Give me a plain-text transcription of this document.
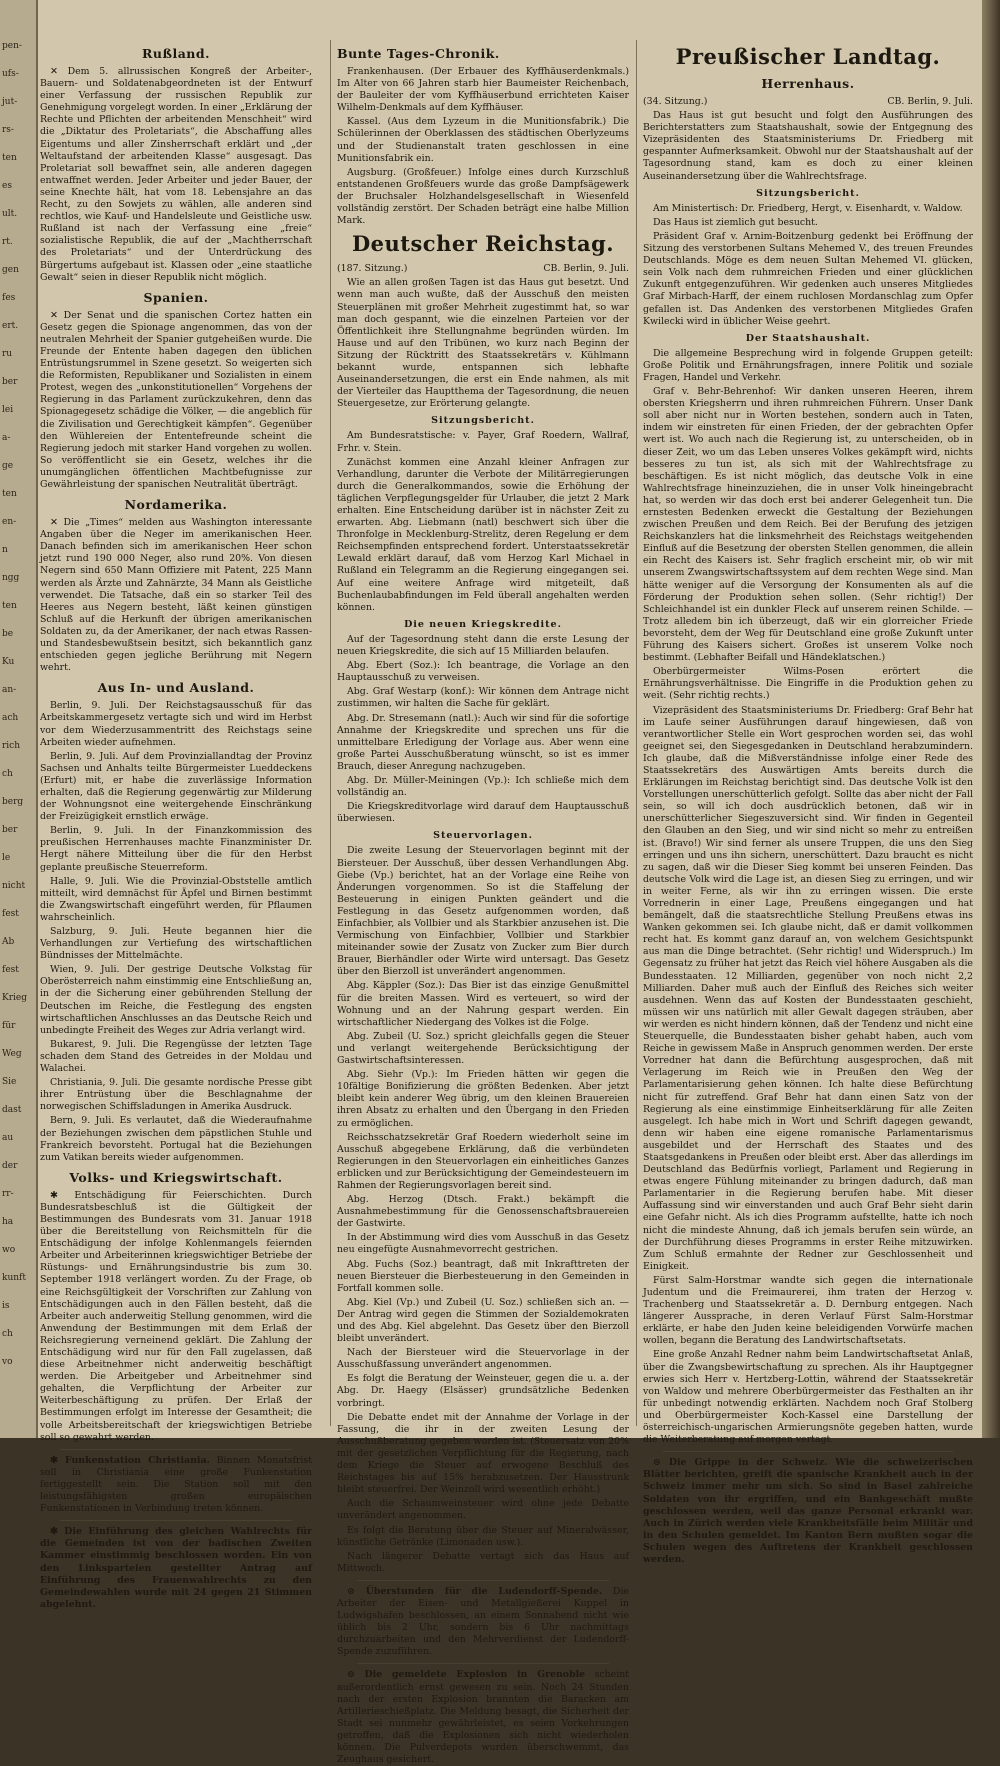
pen-
ufs-
jut-
rs-
ten
es
ult.
rt.
gen
fes
ert.
ru
ber
lei
a-
ge
ten
en-
n
ngg
ten
be
Ku
an-
ach
rich
ch
berg
ber
le
nicht
fest
Ab
fest
Krieg
für
Weg
Sie
dast
au
der
rr-
ha
wo
kunft
is
ch
vo
Rußland.

✕ Dem 5. allrussischen Kongreß der Arbeiter-, Bauern- und Soldatenabgeordneten ist der Entwurf einer Verfassung der russischen Republik zur Genehmigung vorgelegt worden. In einer „Erklärung der Rechte und Pflichten der arbeitenden Menschheit“ wird die „Diktatur des Proletariats“, die Abschaffung alles Eigentums und aller Zinsherrschaft erklärt und „der Weltaufstand der arbeitenden Klasse“ ausgesagt. Das Proletariat soll bewaffnet sein, alle anderen dagegen entwaffnet werden. Jeder Arbeiter und jeder Bauer, der seine Knechte hält, hat vom 18. Lebensjahre an das Recht, zu den Sowjets zu wählen, alle anderen sind rechtlos, wie Kauf- und Handelsleute und Geistliche usw. Rußland ist nach der Verfassung eine „freie“ sozialistische Republik, die auf der „Machtherrschaft des Proletariats“ und der Unterdrückung des Bürgertums aufgebaut ist. Klassen oder „eine staatliche Gewalt“ seien in dieser Republik nicht möglich.

Spanien.

✕ Der Senat und die spanischen Cortez hatten ein Gesetz gegen die Spionage angenommen, das von der neutralen Mehrheit der Spanier gutgeheißen wurde. Die Freunde der Entente haben dagegen den üblichen Entrüstungsrummel in Szene gesetzt. So weigerten sich die Reformisten, Republikaner und Sozialisten in einem Protest, wegen des „unkonstitutionellen“ Vorgehens der Regierung in das Parlament zurückzukehren, denn das Spionagegesetz schädige die Völker, — die angeblich für die Zivilisation und Gerechtigkeit kämpfen“. Gegenüber den Wühlereien der Ententefreunde scheint die Regierung jedoch mit starker Hand vorgehen zu wollen. So veröffentlicht sie ein Gesetz, welches ihr die unumgänglichen öffentlichen Machtbefugnisse zur Gewährleistung der spanischen Neutralität überträgt.

Nordamerika.

✕ Die „Times“ melden aus Washington interessante Angaben über die Neger im amerikanischen Heer. Danach befinden sich im amerikanischen Heer schon jetzt rund 190 000 Neger, also rund 20%. Von diesen Negern sind 650 Mann Offiziere mit Patent, 225 Mann werden als Ärzte und Zahnärzte, 34 Mann als Geistliche verwendet. Die Tatsache, daß ein so starker Teil des Heeres aus Negern besteht, läßt keinen günstigen Schluß auf die Herkunft der übrigen amerikanischen Soldaten zu, da der Amerikaner, der nach etwas Rassen- und Standesbewußtsein besitzt, sich bekanntlich ganz entschieden gegen jegliche Berührung mit Negern wehrt.

Aus In- und Ausland.

Berlin, 9. Juli. Der Reichstagsausschuß für das Arbeitskammergesetz vertagte sich und wird im Herbst vor dem Wiederzusammentritt des Reichstags seine Arbeiten wieder aufnehmen.

Berlin, 9. Juli. Auf dem Provinziallandtag der Provinz Sachsen und Anhalts teilte Bürgermeister Lueddeckens (Erfurt) mit, er habe die zuverlässige Information erhalten, daß die Regierung gegenwärtig zur Milderung der Wohnungsnot eine weitergehende Einschränkung der Freizügigkeit ernstlich erwäge.

Berlin, 9. Juli. In der Finanzkommission des preußischen Herrenhauses machte Finanzminister Dr. Hergt nähere Mitteilung über die für den Herbst geplante preußische Steuerreform.

Halle, 9. Juli. Wie die Provinzial-Obststelle amtlich mitteilt, wird demnächst für Äpfel und Birnen bestimmt die Zwangswirtschaft eingeführt werden, für Pflaumen wahrscheinlich.

Salzburg, 9. Juli. Heute begannen hier die Verhandlungen zur Vertiefung des wirtschaftlichen Bündnisses der Mittelmächte.

Wien, 9. Juli. Der gestrige Deutsche Volkstag für Oberösterreich nahm einstimmig eine Entschließung an, in der die Sicherung einer gebührenden Stellung der Deutschen im Reiche, die Festlegung des engsten wirtschaftlichen Anschlusses an das Deutsche Reich und unbedingte Freiheit des Weges zur Adria verlangt wird.

Bukarest, 9. Juli. Die Regengüsse der letzten Tage schaden dem Stand des Getreides in der Moldau und Walachei.

Christiania, 9. Juli. Die gesamte nordische Presse gibt ihrer Entrüstung über die Beschlagnahme der norwegischen Schiffsladungen in Amerika Ausdruck.

Bern, 9. Juli. Es verlautet, daß die Wiederaufnahme der Beziehungen zwischen dem päpstlichen Stuhle und Frankreich bevorsteht. Portugal hat die Beziehungen zum Vatikan bereits wieder aufgenommen.

Volks- und Kriegswirtschaft.

✱ Entschädigung für Feierschichten. Durch Bundesratsbeschluß ist die Gültigkeit der Bestimmungen des Bundesrats vom 31. Januar 1918 über die Bereitstellung von Reichsmitteln für die Entschädigung der infolge Kohlenmangels feiernden Arbeiter und Arbeiterinnen kriegswichtiger Betriebe der Rüstungs- und Ernährungsindustrie bis zum 30. September 1918 verlängert worden. Zu der Frage, ob eine Reichsgültigkeit der Vorschriften zur Zahlung von Entschädigungen auch in den Fällen besteht, daß die Arbeiter auch anderweitig Stellung genommen, wird die Anwendung der Bestimmungen mit dem Erlaß der Reichsregierung verneinend geklärt. Die Zahlung der Entschädigung wird nur für den Fall zugelassen, daß diese Arbeitnehmer nicht anderweitig beschäftigt werden. Die Arbeitgeber und Arbeitnehmer sind gehalten, die Verpflichtung der Arbeiter zur Weiterbeschäftigung zu prüfen. Der Erlaß der Bestimmungen erfolgt im Interesse der Gesamtheit; die volle Arbeitsbereitschaft der kriegswichtigen Betriebe soll so gewahrt werden.

✱ Funkenstation Christiania. Binnen Monatsfrist soll in Christiania eine große Funkenstation fertiggestellt sein. Die Station soll mit den leistungsfähigsten großen europäischen Funkenstationen in Verbindung treten können.

✱ Die Einführung des gleichen Wahlrechts für die Gemeinden ist von der badischen Zweiten Kammer einstimmig beschlossen worden. Ein von den Linksparteien gestellter Antrag auf Einführung des Frauenwahlrechts zu den Gemeindewahlen wurde mit 24 gegen 21 Stimmen abgelehnt.

Bunte Tages-Chronik.

Frankenhausen. (Der Erbauer des Kyffhäuserdenkmals.) Im Alter von 66 Jahren starb hier Baumeister Reichenbach, der Bauleiter der vom Kyffhäuserbund errichteten Kaiser Wilhelm-Denkmals auf dem Kyffhäuser.

Kassel. (Aus dem Lyzeum in die Munitionsfabrik.) Die Schülerinnen der Oberklassen des städtischen Oberlyzeums und der Studienanstalt traten geschlossen in eine Munitionsfabrik ein.

Augsburg. (Großfeuer.) Infolge eines durch Kurzschluß entstandenen Großfeuers wurde das große Dampfsägewerk der Bruchsaler Holzhandelsgesellschaft in Wiesenfeld vollständig zerstört. Der Schaden beträgt eine halbe Million Mark.

Deutscher Reichstag.
(187. Sitzung.)	CB. Berlin, 9. Juli.

Wie an allen großen Tagen ist das Haus gut besetzt. Und wenn man auch wußte, daß der Ausschuß den meisten Steuerplänen mit großer Mehrheit zugestimmt hat, so war man doch gespannt, wie die einzelnen Parteien vor der Öffentlichkeit ihre Stellungnahme begründen würden. Im Hause und auf den Tribünen, wo kurz nach Beginn der Sitzung der Rücktritt des Staatssekretärs v. Kühlmann bekannt wurde, entspannen sich lebhafte Auseinandersetzungen, die erst ein Ende nahmen, als mit der Vierteiler das Hauptthema der Tagesordnung, die neuen Steuergesetze, zur Erörterung gelangte.

Sitzungsbericht.

Am Bundesratstische: v. Payer, Graf Roedern, Wallraf, Frhr. v. Stein.

Zunächst kommen eine Anzahl kleiner Anfragen zur Verhandlung, darunter die Verbote der Militärregierungen durch die Generalkommandos, sowie die Erhöhung der täglichen Verpflegungsgelder für Urlauber, die jetzt 2 Mark erhalten. Eine Entscheidung darüber ist in nächster Zeit zu erwarten. Abg. Liebmann (natl) beschwert sich über die Thronfolge in Mecklenburg-Strelitz, deren Regelung er dem Reichsempfinden entsprechend fordert. Unterstaatssekretär Lewald erklärt darauf, daß vom Herzog Karl Michael in Rußland ein Telegramm an die Regierung eingegangen sei. Auf eine weitere Anfrage wird mitgeteilt, daß Buchenlaubabfindungen im Feld überall angehalten werden können.

Die neuen Kriegskredite.

Auf der Tagesordnung steht dann die erste Lesung der neuen Kriegskredite, die sich auf 15 Milliarden belaufen.

Abg. Ebert (Soz.): Ich beantrage, die Vorlage an den Hauptausschuß zu verweisen.

Abg. Graf Westarp (konf.): Wir können dem Antrage nicht zustimmen, wir halten die Sache für geklärt.

Abg. Dr. Stresemann (natl.): Auch wir sind für die sofortige Annahme der Kriegskredite und sprechen uns für die unmittelbare Erledigung der Vorlage aus. Aber wenn eine große Partei Ausschußberatung wünscht, so ist es immer Brauch, dieser Anregung nachzugeben.

Abg. Dr. Müller-Meiningen (Vp.): Ich schließe mich dem vollständig an.

Die Kriegskreditvorlage wird darauf dem Hauptausschuß überwiesen.

Steuervorlagen.

Die zweite Lesung der Steuervorlagen beginnt mit der Biersteuer. Der Ausschuß, über dessen Verhandlungen Abg. Giebe (Vp.) berichtet, hat an der Vorlage eine Reihe von Änderungen vorgenommen. So ist die Staffelung der Besteuerung in einigen Punkten geändert und die Festlegung in das Gesetz aufgenommen worden, daß Einfachbier, als Vollbier und als Starkbier anzusehen ist. Die Vermischung von Einfachbier, Vollbier und Starkbier miteinander sowie der Zusatz von Zucker zum Bier durch Brauer, Bierhändler oder Wirte wird untersagt. Das Gesetz über den Bierzoll ist unverändert angenommen.

Abg. Käppler (Soz.): Das Bier ist das einzige Genußmittel für die breiten Massen. Wird es verteuert, so wird der Wohnung und an der Nahrung gespart werden. Ein wirtschaftlicher Niedergang des Volkes ist die Folge.

Abg. Zubeil (U. Soz.) spricht gleichfalls gegen die Steuer und verlangt weitergehende Berücksichtigung der Gastwirtschaftsinteressen.

Abg. Siehr (Vp.): Im Frieden hätten wir gegen die 10fältige Bonifizierung die größten Bedenken. Aber jetzt bleibt kein anderer Weg übrig, um den kleinen Brauereien ihren Absatz zu erhalten und den Übergang in den Frieden zu ermöglichen.

Reichsschatzsekretär Graf Roedern wiederholt seine im Ausschuß abgegebene Erklärung, daß die verbündeten Regierungen in den Steuervorlagen ein einheitliches Ganzes erblicken und zur Berücksichtigung der Gemeindesteuern im Rahmen der Regierungsvorlagen bereit sind.

Abg. Herzog (Dtsch. Frakt.) bekämpft die Ausnahmebestimmung für die Genossenschaftsbrauereien der Gastwirte.

In der Abstimmung wird dies vom Ausschuß in das Gesetz neu eingefügte Ausnahmevorrecht gestrichen.

Abg. Fuchs (Soz.) beantragt, daß mit Inkrafttreten der neuen Biersteuer die Bierbesteuerung in den Gemeinden in Fortfall kommen solle.

Abg. Kiel (Vp.) und Zubeil (U. Soz.) schließen sich an. — Der Antrag wird gegen die Stimmen der Sozialdemokraten und des Abg. Kiel abgelehnt. Das Gesetz über den Bierzoll bleibt unverändert.

Nach der Biersteuer wird die Steuervorlage in der Ausschußfassung unverändert angenommen.

Es folgt die Beratung der Weinsteuer, gegen die u. a. der Abg. Dr. Haegy (Elsässer) grundsätzliche Bedenken vorbringt.

Die Debatte endet mit der Annahme der Vorlage in der Fassung, die ihr in der zweiten Lesung der Ausschußberatung gegeben worden ist. (Steuersatz von 20% mit der gesetzlichen Verpflichtung für die Regierung, nach dem Kriege die Steuer auf erwogene Beschluß des Reichstages bis auf 15% herabzusetzen. Der Hausstrunk bleibt steuerfrei. Der Weinzoll wird wesentlich erhöht.)

Auch die Schaumweinsteuer wird ohne jede Debatte unverändert angenommen.

Es folgt die Beratung über die Steuer auf Mineralwässer, künstliche Getränke (Limonaden usw.).

Nach längerer Debatte vertagt sich das Haus auf Mittwoch.

⊙ Überstunden für die Ludendorff-Spende. Die Arbeiter der Eisen- und Metallgießerei Kuppel in Ludwigshafen beschlossen, an einem Sonnabend nicht wie üblich bis 2 Uhr, sondern bis 6 Uhr nachmittags durchzuarbeiten und den Mehrverdienst der Ludendorff-Spende zuzuführen.

⊙ Die gemeldete Explosion in Grenoble scheint außerordentlich ernst gewesen zu sein. Noch 24 Stunden nach der ersten Explosion brannten die Baracken am Artillerieschießplatz. Die Meldung besagt, die Sicherheit der Stadt sei nunmehr gewährleistet, es seien Vorkehrungen getroffen, daß die Explosionen sich nicht wiederholen können. Die Pulverdepots wurden überschwemmt, das Zeughaus gesichert.

Preußischer Landtag.
Herrenhaus.
(34. Sitzung.)	CB. Berlin, 9. Juli.

Das Haus ist gut besucht und folgt den Ausführungen des Berichterstatters zum Staatshaushalt, sowie der Entgegnung des Vizepräsidenten des Staatsministeriums Dr. Friedberg mit gespannter Aufmerksamkeit. Obwohl nur der Staatshaushalt auf der Tagesordnung stand, kam es doch zu einer kleinen Auseinandersetzung über die Wahlrechtsfrage.

Sitzungsbericht.

Am Ministertisch: Dr. Friedberg, Hergt, v. Eisenhardt, v. Waldow.

Das Haus ist ziemlich gut besucht.

Präsident Graf v. Arnim-Boitzenburg gedenkt bei Eröffnung der Sitzung des verstorbenen Sultans Mehemed V., des treuen Freundes Deutschlands. Möge es dem neuen Sultan Mehemed VI. glücken, sein Volk nach dem ruhmreichen Frieden und einer glücklichen Zukunft entgegenzuführen. Wir gedenken auch unseres Mitgliedes Graf Mirbach-Harff, der einem ruchlosen Mordanschlag zum Opfer gefallen ist. Das Andenken des verstorbenen Mitgliedes Grafen Kwilecki wird in üblicher Weise geehrt.

Der Staatshaushalt.

Die allgemeine Besprechung wird in folgende Gruppen geteilt: Große Politik und Ernährungsfragen, innere Politik und soziale Fragen, Handel und Verkehr.

Graf v. Behr-Behrenhof: Wir danken unseren Heeren, ihrem obersten Kriegsherrn und ihren ruhmreichen Führern. Unser Dank soll aber nicht nur in Worten bestehen, sondern auch in Taten, indem wir einstreten für einen Frieden, der der gebrachten Opfer wert ist. Wo auch nach die Regierung ist, zu unterscheiden, ob in dieser Zeit, wo um das Leben unseres Volkes gekämpft wird, nichts besseres zu tun ist, als sich mit der Wahlrechtsfrage zu beschäftigen. Es ist nicht möglich, das deutsche Volk in eine Wahlrechtsfrage hineinzuziehen, die in unser Volk hineingebracht hat, so werden wir das doch erst bei anderer Gelegenheit tun. Die ernstesten Bedenken erweckt die Gestaltung der Beziehungen zwischen Preußen und dem Reich. Bei der Berufung des jetzigen Reichskanzlers hat die linksmehrheit des Reichstags weitgehenden Einfluß auf die Besetzung der obersten Stellen genommen, die allein ein Recht des Kaisers ist. Sehr fraglich erscheint mir, ob wir mit unserem Zwangswirtschaftssystem auf dem rechten Wege sind. Man hätte weniger auf die Versorgung der Konsumenten als auf die Förderung der Produktion sehen sollen. (Sehr richtig!) Der Schleichhandel ist ein dunkler Fleck auf unserem reinen Schilde. — Trotz alledem bin ich überzeugt, daß wir ein glorreicher Friede bevorsteht, dem der Weg für Deutschland eine große Zukunft unter Führung des Kaisers sichert. Großes ist unserem Volke noch bestimmt. (Lebhafter Beifall und Händeklatschen.)

Oberbürgermeister Wilms-Posen erörtert die Ernährungsverhältnisse. Die Eingriffe in die Produktion gehen zu weit. (Sehr richtig rechts.)

Vizepräsident des Staatsministeriums Dr. Friedberg: Graf Behr hat im Laufe seiner Ausführungen darauf hingewiesen, daß von verantwortlicher Stelle ein Wort gesprochen worden sei, das wohl geeignet sei, den Siegesgedanken in Deutschland herabzumindern. Ich glaube, daß die Mißverständnisse infolge einer Rede des Staatssekretärs des Auswärtigen Amts bereits durch die Erklärungen im Reichstag berichtigt sind. Das deutsche Volk ist den Vorstellungen unerschütterlich gefolgt. Sollte das aber nicht der Fall sein, so will ich doch ausdrücklich betonen, daß wir in unerschütterlicher Siegeszuversicht sind. Wir finden in Gegenteil den Glauben an den Sieg, und wir sind nicht so mehr zu entreißen ist. (Bravo!) Wir sind ferner als unsere Truppen, die uns den Sieg erringen und uns ihn sichern, unerschüttert. Dazu braucht es nicht zu sagen, daß wir die Dieser Sieg kommt bei unseren Feinden. Das deutsche Volk wird die Lage ist, an diesen Sieg zu erringen, und wir in weiter Ferne, als wir ihn zu erringen wissen. Die erste Vorrednerin in einer Lage, Preußens eingegangen und hat bemängelt, daß die staatsrechtliche Stellung Preußens etwas ins Wanken gekommen sei. Ich glaube nicht, daß er damit vollkommen recht hat. Es kommt ganz darauf an, von welchem Gesichtspunkt aus man die Dinge betrachtet. (Sehr richtig! und Widerspruch.) Im Gegensatz zu früher hat jetzt das Reich viel höhere Ausgaben als die Bundesstaaten. 12 Milliarden, gegenüber von noch nicht 2,2 Milliarden. Daher muß auch der Einfluß des Reiches sich weiter ausdehnen. Wenn das auf Kosten der Bundesstaaten geschieht, müssen wir uns natürlich mit aller Gewalt dagegen sträuben, aber wir werden es nicht hindern können, daß der Tendenz und nicht eine Steuerquelle, die Bundesstaaten bisher gehabt haben, auch vom Reiche in gewissem Maße in Anspruch genommen werden. Der erste Vorredner hat dann die Befürchtung ausgesprochen, daß mit Verlagerung im Reich wie in Preußen den Weg der Parlamentarisierung gehen können. Ich halte diese Befürchtung nicht für zutreffend. Graf Behr hat dann einen Satz von der Regierung als eine einstimmige Einheitserklärung für alle Zeiten ausgelegt. Ich habe mich in Wort und Schrift dagegen gewandt, denn wir haben eine eigene romanische Parlamentarismus ausgebildet und der Herrschaft des Staates und des Staatsgedankens in Preußen oder bleibt erst. Aber das allerdings im Deutschland das Bedürfnis vorliegt, Parlament und Regierung in etwas engere Fühlung miteinander zu bringen dadurch, daß man Parlamentarier in die Regierung berufen habe. Mit dieser Auffassung sind wir einverstanden und auch Graf Behr sieht darin eine Gefahr nicht. Als ich dies Programm aufstellte, hatte ich noch nicht die mindeste Ahnung, daß ich jemals berufen sein würde, an der Durchführung dieses Programms in erster Reihe mitzuwirken. Zum Schluß ermahnte der Redner zur Geschlossenheit und Einigkeit.

Fürst Salm-Horstmar wandte sich gegen die internationale Judentum und die Freimaurerei, ihm traten der Herzog v. Trachenberg und Staatssekretär a. D. Dernburg entgegen. Nach längerer Aussprache, in deren Verlauf Fürst Salm-Horstmar erklärte, er habe den Juden keine beleidigenden Vorwürfe machen wollen, begann die Beratung des Landwirtschaftsetats.

Eine große Anzahl Redner nahm beim Landwirtschaftsetat Anlaß, über die Zwangsbewirtschaftung zu sprechen. Als ihr Hauptgegner erwies sich Herr v. Hertzberg-Lottin, während der Staatssekretär von Waldow und mehrere Oberbürgermeister das Festhalten an ihr für unbedingt notwendig erklärten. Nachdem noch Graf Stolberg und Oberbürgermeister Koch-Kassel eine Darstellung der österreichisch-ungarischen Armierungsnöte gegeben hatten, wurde die Weiterberatung auf morgen vertagt.

⊙ Die Grippe in der Schweiz. Wie die schweizerischen Blätter berichten, greift die spanische Krankheit auch in der Schweiz immer mehr um sich. So sind in Basel zahlreiche Soldaten von ihr ergriffen, und ein Bankgeschäft mußte geschlossen werden, weil das ganze Personal erkrankt war. Auch in Zürich werden viele Krankheitsfälle beim Militär und in den Schulen gemeldet. Im Kanton Bern mußten sogar die Schulen wegen des Auftretens der Krankheit geschlossen werden.
